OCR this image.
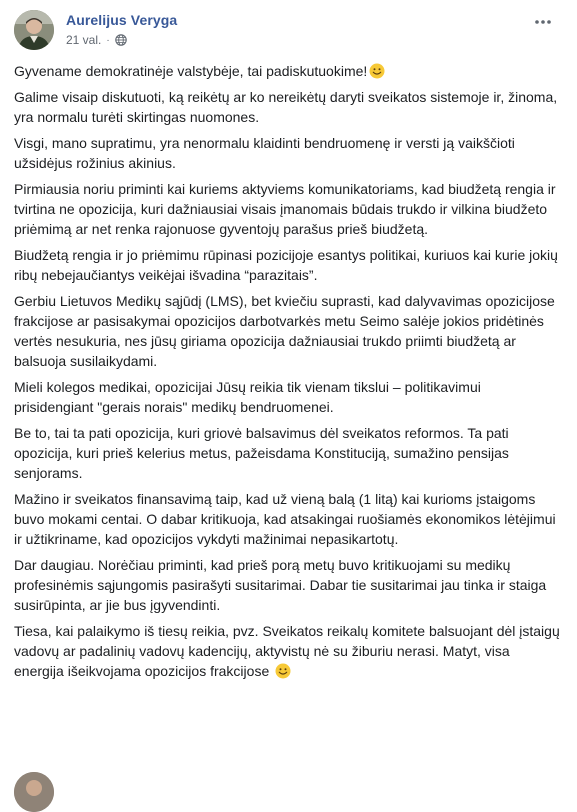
Aurelijus Veryga
21 val. ·

Gyvename demokratinėje valstybėje, tai padiskutuokime!

Galime visaip diskutuoti, ką reikėtų ar ko nereikėtų daryti sveikatos sistemoje ir, žinoma, yra normalu turėti skirtingas nuomones.

Visgi, mano supratimu, yra nenormalu klaidinti bendruomenę ir versti ją vaikščioti užsidėjus rožinius akinius.

Pirmiausia noriu priminti kai kuriems aktyviems komunikatoriams, kad biudžetą rengia ir tvirtina ne opozicija, kuri dažniausiai visais įmanomais būdais trukdo ir vilkina biudžeto priėmimą ar net renka rajonuose gyventojų parašus prieš biudžetą.

Biudžetą rengia ir jo priėmimu rūpinasi pozicijoje esantys politikai, kuriuos kai kurie jokių ribų nebejaučiantys veikėjai išvadina “parazitais”.

Gerbiu Lietuvos Medikų sąjūdį (LMS), bet kviečiu suprasti, kad dalyvavimas opozicijose frakcijose ar pasisakymai opozicijos darbotvarkės metu Seimo salėje jokios pridėtinės vertės nesukuria, nes jūsų giriama opozicija dažniausiai trukdo priimti biudžetą ar balsuoja susilaikydami.

Mieli kolegos medikai, opozicijai Jūsų reikia tik vienam tikslui – politikavimui prisidengiant "gerais norais" medikų bendruomenei.

Be to, tai ta pati opozicija, kuri griovė balsavimus dėl sveikatos reformos. Ta pati opozicija, kuri prieš kelerius metus, pažeisdama Konstituciją, sumažino pensijas senjorams.

Mažino ir sveikatos finansavimą taip, kad už vieną balą (1 litą) kai kurioms įstaigoms buvo mokami centai. O dabar kritikuoja, kad atsakingai ruošiamės ekonomikos lėtėjimui ir užtikriname, kad opozicijos vykdyti mažinimai nepasikartotų.

Dar daugiau. Norėčiau priminti, kad prieš porą metų buvo kritikuojami su medikų profesinėmis sąjungomis pasirašyti susitarimai. Dabar tie susitarimai jau tinka ir staiga susirūpinta, ar jie bus įgyvendinti.

Tiesa, kai palaikymo iš tiesų reikia, pvz. Sveikatos reikalų komitete balsuojant dėl įstaigų vadovų ar padalinių vadovų kadencijų, aktyvistų nė su žiburiu nerasi. Matyt, visa energija išeikvojama opozicijos frakcijose
